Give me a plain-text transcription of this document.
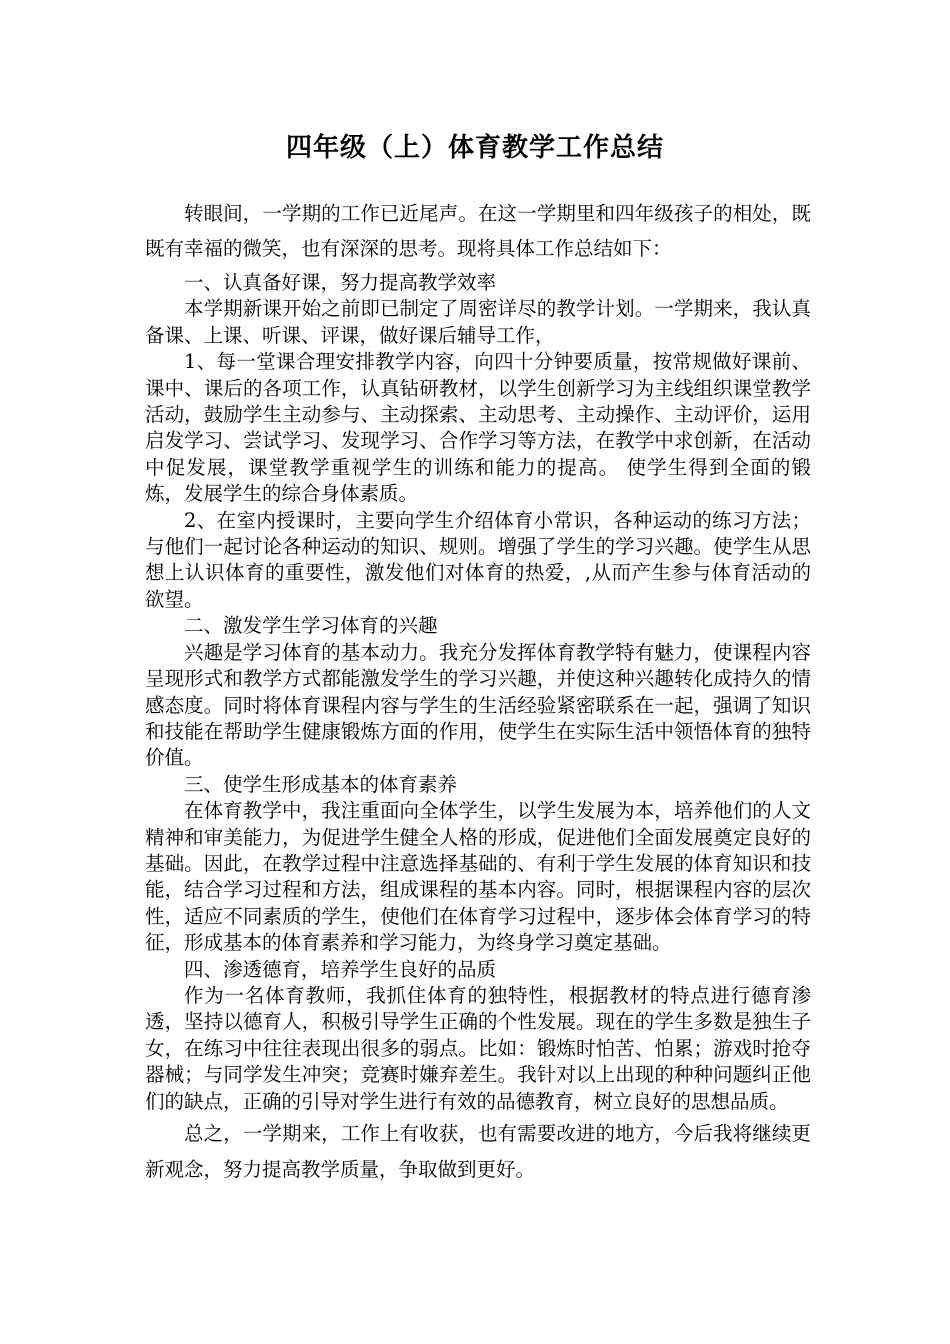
四年级（上）体育教学工作总结

转眼间，一学期的工作已近尾声。在这一学期里和四年级孩子的相处，既既有幸福的微笑，也有深深的思考。现将具体工作总结如下：

一、认真备好课，努力提高教学效率

本学期新课开始之前即已制定了周密详尽的教学计划。一学期来，我认真备课、上课、听课、评课，做好课后辅导工作，

1、每一堂课合理安排教学内容，向四十分钟要质量，按常规做好课前、课中、课后的各项工作，认真钻研教材，以学生创新学习为主线组织课堂教学活动，鼓励学生主动参与、主动探索、主动思考、主动操作、主动评价，运用启发学习、尝试学习、发现学习、合作学习等方法，在教学中求创新，在活动中促发展，课堂教学重视学生的训练和能力的提高。 使学生得到全面的锻炼，发展学生的综合身体素质。

2、在室内授课时，主要向学生介绍体育小常识，各种运动的练习方法；与他们一起讨论各种运动的知识、规则。增强了学生的学习兴趣。使学生从思想上认识体育的重要性，激发他们对体育的热爱，,从而产生参与体育活动的欲望。

二、激发学生学习体育的兴趣

兴趣是学习体育的基本动力。我充分发挥体育教学特有魅力，使课程内容呈现形式和教学方式都能激发学生的学习兴趣，并使这种兴趣转化成持久的情感态度。同时将体育课程内容与学生的生活经验紧密联系在一起，强调了知识和技能在帮助学生健康锻炼方面的作用，使学生在实际生活中领悟体育的独特价值。

三、使学生形成基本的体育素养

在体育教学中，我注重面向全体学生，以学生发展为本，培养他们的人文精神和审美能力，为促进学生健全人格的形成，促进他们全面发展奠定良好的基础。因此，在教学过程中注意选择基础的、有利于学生发展的体育知识和技能，结合学习过程和方法，组成课程的基本内容。同时，根据课程内容的层次性，适应不同素质的学生，使他们在体育学习过程中，逐步体会体育学习的特征，形成基本的体育素养和学习能力，为终身学习奠定基础。

四、渗透德育，培养学生良好的品质

作为一名体育教师，我抓住体育的独特性，根据教材的特点进行德育渗透，坚持以德育人，积极引导学生正确的个性发展。现在的学生多数是独生子女，在练习中往往表现出很多的弱点。比如：锻炼时怕苦、怕累；游戏时抢夺器械；与同学发生冲突；竞赛时嫌弃差生。我针对以上出现的种种问题纠正他们的缺点，正确的引导对学生进行有效的品德教育，树立良好的思想品质。

总之，一学期来，工作上有收获，也有需要改进的地方，今后我将继续更新观念，努力提高教学质量，争取做到更好。
